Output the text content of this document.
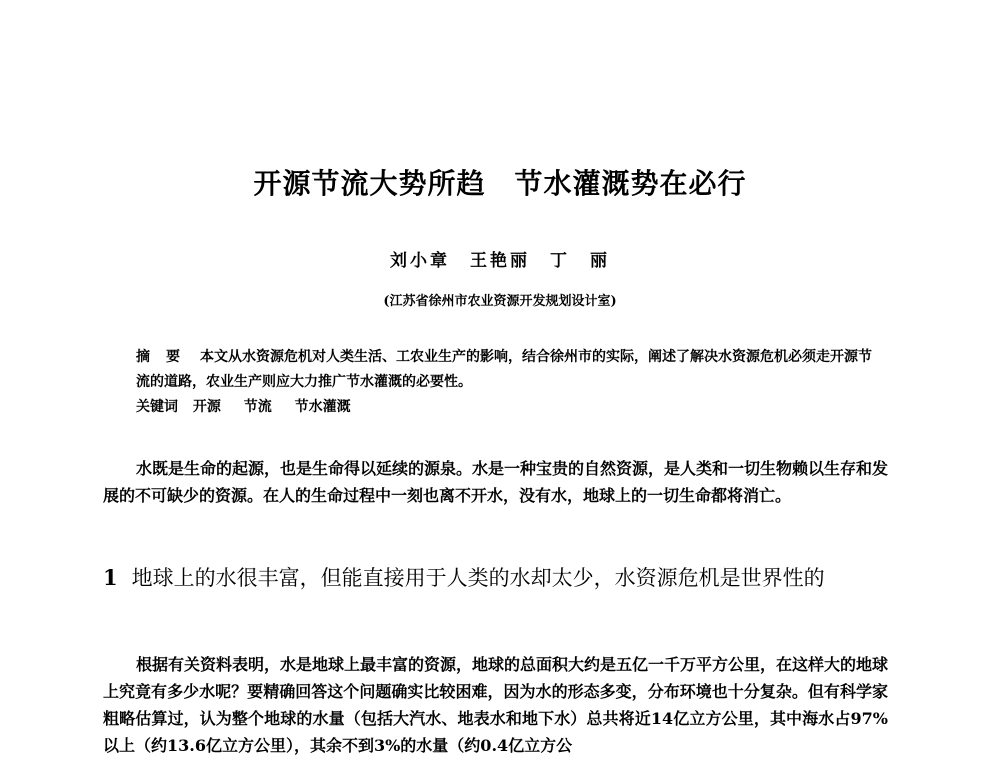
开源节流大势所趋　节水灌溉势在必行
刘小章　王艳丽　丁　丽
(江苏省徐州市农业资源开发规划设计室)
摘要 本文从水资源危机对人类生活、工农业生产的影响，结合徐州市的实际，阐述了解决水资源危机必须走开源节流的道路，农业生产则应大力推广节水灌溉的必要性。
关键词 开源 节流 节水灌溉
水既是生命的起源，也是生命得以延续的源泉。水是一种宝贵的自然资源，是人类和一切生物赖以生存和发展的不可缺少的资源。在人的生命过程中一刻也离不开水，没有水，地球上的一切生命都将消亡。
1 地球上的水很丰富，但能直接用于人类的水却太少，水资源危机是世界性的
根据有关资料表明，水是地球上最丰富的资源，地球的总面积大约是五亿一千万平方公里，在这样大的地球上究竟有多少水呢？要精确回答这个问题确实比较困难，因为水的形态多变，分布环境也十分复杂。但有科学家粗略估算过，认为整个地球的水量（包括大汽水、地表水和地下水）总共将近14亿立方公里，其中海水占97%以上（约13.6亿立方公里），其余不到3%的水量（约0.4亿立方公
